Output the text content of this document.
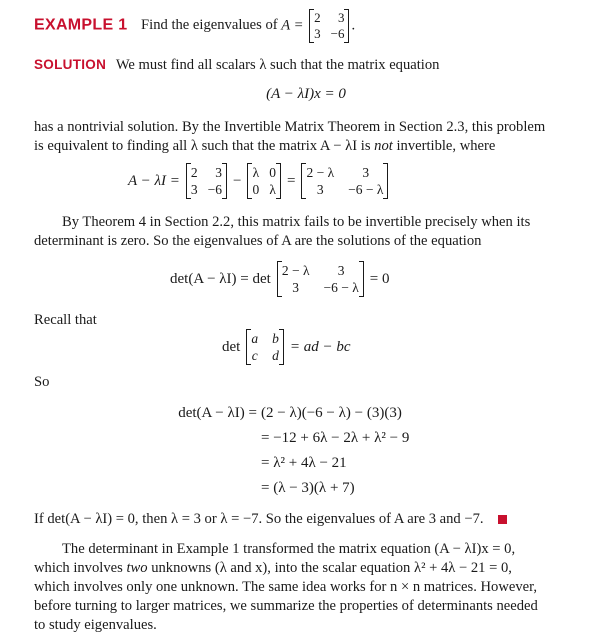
EXAMPLE 1 Find the eigenvalues of A = 2	3
3 −6
.
SOLUTION We must find all scalars λ such that the matrix equation
(A − λI)x = 0
has a nontrivial solution. By the Invertible Matrix Theorem in Section 2.3, this problem
is equivalent to finding all λ such that the matrix A − λI is not invertible, where
A − λI = 2	3
3 −6
− λ 0
0 λ
= 2 − λ	3
3	−6 − λ
By Theorem 4 in Section 2.2, this matrix fails to be invertible precisely when its
determinant is zero. So the eigenvalues of A are the solutions of the equation
det(A − λI) = det 2 − λ	3
3	−6 − λ
= 0
Recall that
det a b
c d
= ad − bc
So
det(A − λI) = (2 − λ)(−6 − λ) − (3)(3)
= −12 + 6λ − 2λ + λ² − 9
= λ² + 4λ − 21
= (λ − 3)(λ + 7)
If det(A − λI) = 0, then λ = 3 or λ = −7. So the eigenvalues of A are 3 and −7.
The determinant in Example 1 transformed the matrix equation (A − λI)x = 0,
which involves two unknowns (λ and x), into the scalar equation λ² + 4λ − 21 = 0,
which involves only one unknown. The same idea works for n × n matrices. However,
before turning to larger matrices, we summarize the properties of determinants needed
to study eigenvalues.
